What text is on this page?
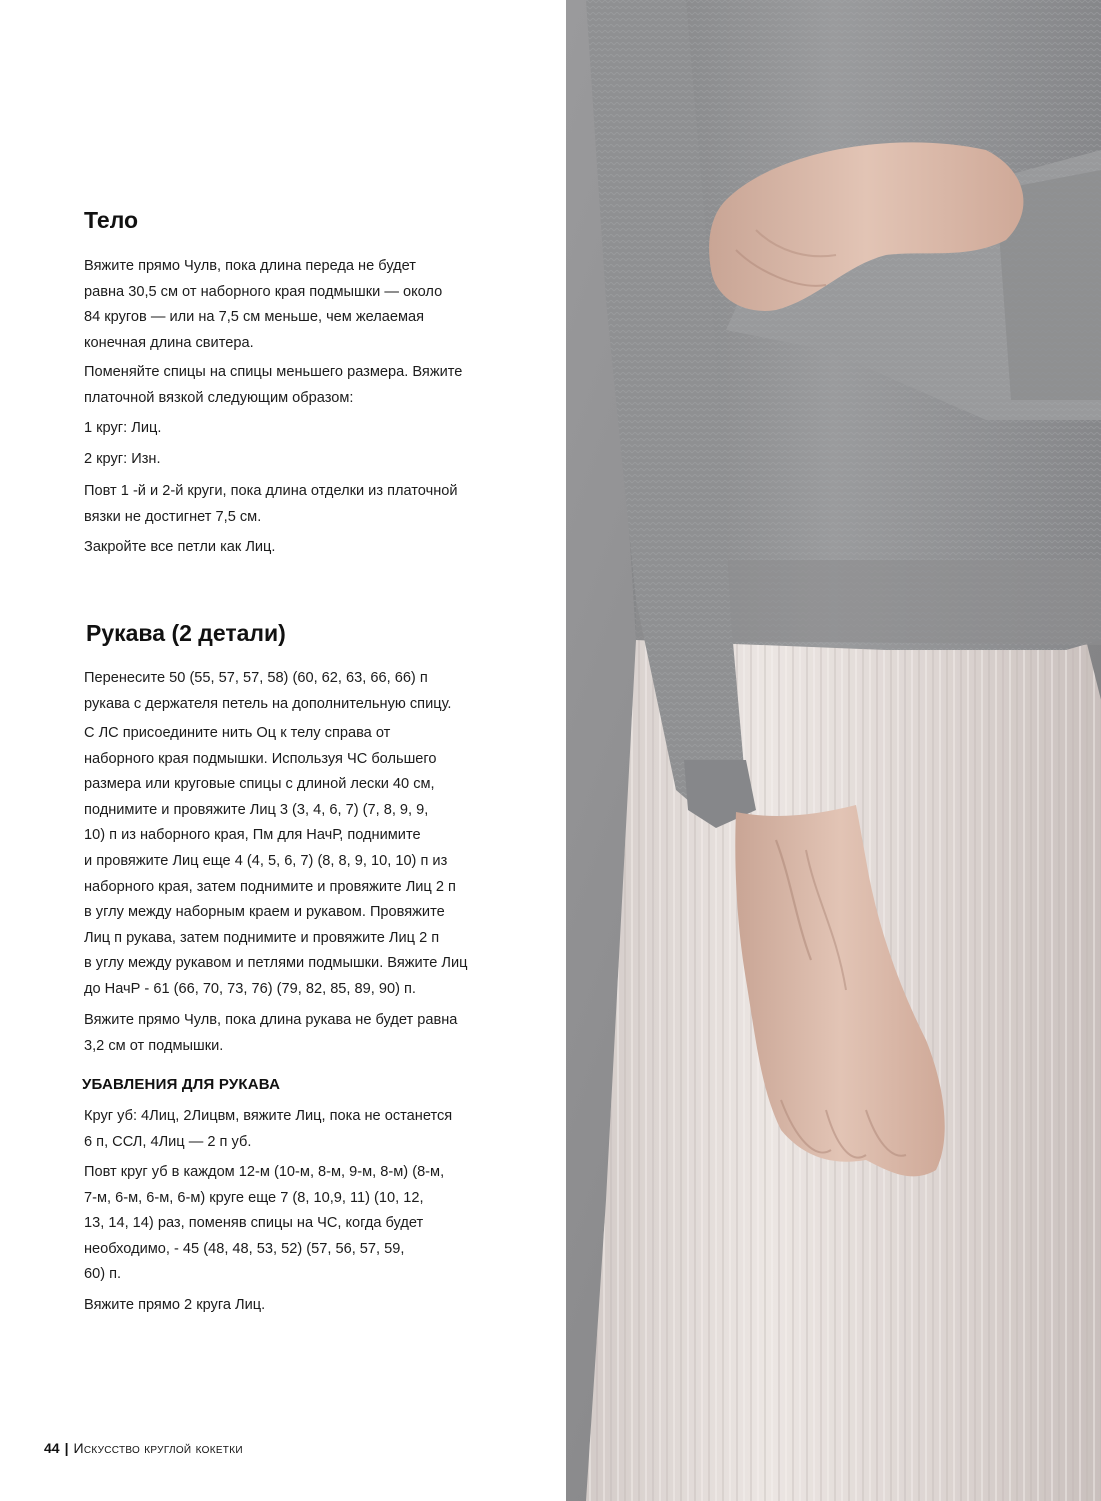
Тело

Вяжите прямо Чулв, пока длина переда не будет
равна 30,5 см от наборного края подмышки — около
84 кругов — или на 7,5 см меньше, чем желаемая
конечная длина свитера.

Поменяйте спицы на спицы меньшего размера. Вяжите
платочной вязкой следующим образом:

1 круг: Лиц.

2 круг: Изн.

Повт 1 -й и 2-й круги, пока длина отделки из платочной
вязки не достигнет 7,5 см.

Закройте все петли как Лиц.

Рукава (2 детали)

Перенесите 50 (55, 57, 57, 58) (60, 62, 63, 66, 66) п
рукава с держателя петель на дополнительную спицу.

С ЛС присоедините нить Оц к телу справа от
наборного края подмышки. Используя ЧС большего
размера или круговые спицы с длиной лески 40 см,
поднимите и провяжите Лиц 3 (3, 4, 6, 7) (7, 8, 9, 9,
10) п из наборного края, Пм для НачР, поднимите
и провяжите Лиц еще 4 (4, 5, 6, 7) (8, 8, 9, 10, 10) п из
наборного края, затем поднимите и провяжите Лиц 2 п
в углу между наборным краем и рукавом. Провяжите
Лиц п рукава, затем поднимите и провяжите Лиц 2 п
в углу между рукавом и петлями подмышки. Вяжите Лиц
до НачР - 61 (66, 70, 73, 76) (79, 82, 85, 89, 90) п.

Вяжите прямо Чулв, пока длина рукава не будет равна
3,2 см от подмышки.

УБАВЛЕНИЯ ДЛЯ РУКАВА

Круг уб: 4Лиц, 2Лицвм, вяжите Лиц, пока не останется
6 п, ССЛ, 4Лиц — 2 п уб.

Повт круг уб в каждом 12-м (10-м, 8-м, 9-м, 8-м) (8-м,
7-м, 6-м, 6-м, 6-м) круге еще 7 (8, 10,9, 11) (10, 12,
13, 14, 14) раз, поменяв спицы на ЧС, когда будет
необходимо, - 45 (48, 48, 53, 52) (57, 56, 57, 59,
60) п.

Вяжите прямо 2 круга Лиц.

44 | Искусство круглой кокетки
